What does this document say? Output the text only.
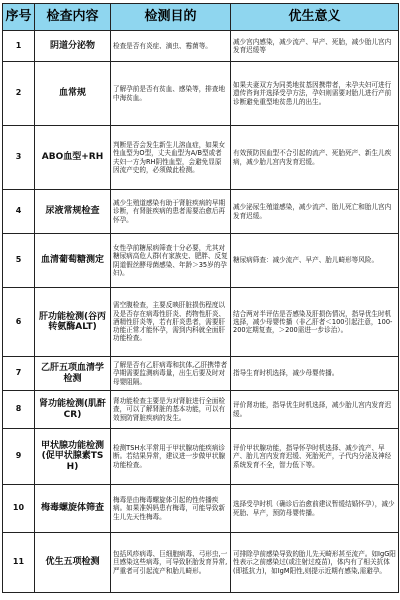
序号	检查内容	检测目的	优生意义
1	阴道分泌物	检查是否有炎症、滴虫、霉菌等。	减少宫内感染，减少流产、早产、死胎，减少胎儿宫内发育迟缓等
2	血常规	了解孕前是否有贫血、感染等，排查地中海贫血。	如果夫妻双方为同类地贫基因携带者，未孕夫妇可进行遗传咨询并选择受孕方法，孕妇则需要对胎儿进行产前诊断避免重型地贫患儿的出生。
3	ABO血型+RH	判断是否会发生新生儿溶血症，如果女性血型为O型，丈夫血型为A/B型或者夫妇一方为RH阴性血型，会避免显原因流产史的，必须做此检测。	有效预防因血型不合引起的流产、死胎死产、新生儿疾病，减少胎儿宫内发育迟缓。
4	尿液常规检查	减少生殖道感染有助于肾脏疾病的早期诊断，有肾脏疾病的患者需要治愈后再怀孕。	减少泌尿生殖道感染，减少流产、胎儿死亡和胎儿宫内发育迟缓。
5	血清葡萄糖测定	女性孕前糖尿病筛查十分必要，尤其对糖尿病高危人群(有家族史、肥胖、反复阴道假丝酵母菌感染、年龄＞35岁的孕妇)。	糖尿病筛查：减少流产、早产、胎儿畸形等风险。
6	肝功能检测(谷丙转氨酶ALT)	需空腹检查，主要反映肝脏损伤程度以及是否存在病毒性肝炎、药物性肝炎、酒精性肝炎等，若有肝炎患者，需要肝功能正常才能怀孕，需到内科就全面肝功能检查。	结合两对半评估是否感染及肝损伤情况，指导优生时机选择，减少母婴传播（非乙肝者＜100引起注意，100-200定期复查，＞200需进一步诊治）。
7	乙肝五项血清学检测	了解是否有乙肝病毒和抗体,乙肝携带者孕期需要监测病毒量，出生后要及时对母婴阻隔。	指导生育时机选择，减少母婴传播。
8	肾功能检测(肌酐CR)	肾功能检查主要是为对肾脏进行全面检查，可以了解肾脏的基本功能，可以有效预防肾脏疾病的发生。	评价肾功能，指导优生时机选择，减少胎儿宫内发育迟缓。
9	甲状腺功能检测(促甲状腺素TSH)	检测TSH水平常用于甲状腺功能疾病诊断。若结果异常，建议进一步做甲状腺功能检查。	评价甲状腺功能，指导怀孕时机选择、减少流产、早产、胎儿宫内发育迟缓、死胎死产，子代内分泌及神经系统发育不全，智力低下等。
10	梅毒螺旋体筛查	梅毒是由梅毒螺旋体引起的性传播疾病。如果准妈妈患有梅毒，可能导致新生儿先天性梅毒。	选择受孕时机（确诊后治愈前建议暂缓结婚怀孕），减少死胎、早产，预防母婴传播。
11	优生五项检测	包括风疹病毒、巨细胞病毒、弓形虫,一旦感染这些病毒，可导致胚胎发育异常,严重者可引起流产和胎儿畸形。	可排除孕前感染导致的胎儿先天畸形甚至流产。如IgG阳性表示之前感染过(或注射过疫苗)，体内有了相关抗体(即抵抗力)，如IgM阳性,则提示近期有感染,需避孕。
